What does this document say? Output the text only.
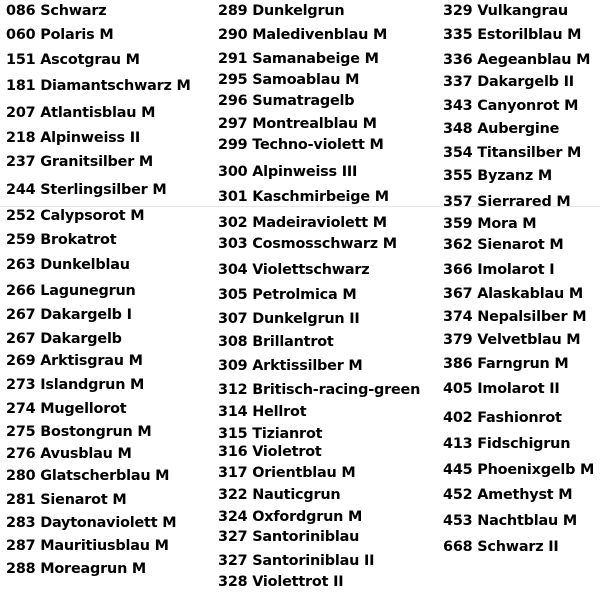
086 Schwarz
060 Polaris M
151 Ascotgrau M
181 Diamantschwarz M
207 Atlantisblau M
218 Alpinweiss II
237 Granitsilber M
244 Sterlingsilber M
252 Calypsorot M
259 Brokatrot
263 Dunkelblau
266 Lagunegrun
267 Dakargelb I
267 Dakargelb
269 Arktisgrau M
273 Islandgrun M
274 Mugellorot
275 Bostongrun M
276 Avusblau M
280 Glatscherblau M
281 Sienarot M
283 Daytonaviolett M
287 Mauritiusblau M
288 Moreagrun M
289 Dunkelgrun
290 Maledivenblau M
291 Samanabeige M
295 Samoablau M
296 Sumatragelb
297 Montrealblau M
299 Techno-violett M
300 Alpinweiss III
301 Kaschmirbeige M
302 Madeiraviolett M
303 Cosmosschwarz M
304 Violettschwarz
305 Petrolmica M
307 Dunkelgrun II
308 Brillantrot
309 Arktissilber M
312 Britisch-racing-green
314 Hellrot
315 Tizianrot
316 Violetrot
317 Orientblau M
322 Nauticgrun
324 Oxfordgrun M
327 Santoriniblau
327 Santoriniblau II
328 Violettrot II
329 Vulkangrau
335 Estorilblau M
336 Aegeanblau M
337 Dakargelb II
343 Canyonrot M
348 Aubergine
354 Titansilber M
355 Byzanz M
357 Sierrared M
359 Mora M
362 Sienarot M
366 Imolarot I
367 Alaskablau M
374 Nepalsilber M
379 Velvetblau M
386 Farngrun M
405 Imolarot II
402 Fashionrot
413 Fidschigrun
445 Phoenixgelb M
452 Amethyst M
453 Nachtblau M
668 Schwarz II
